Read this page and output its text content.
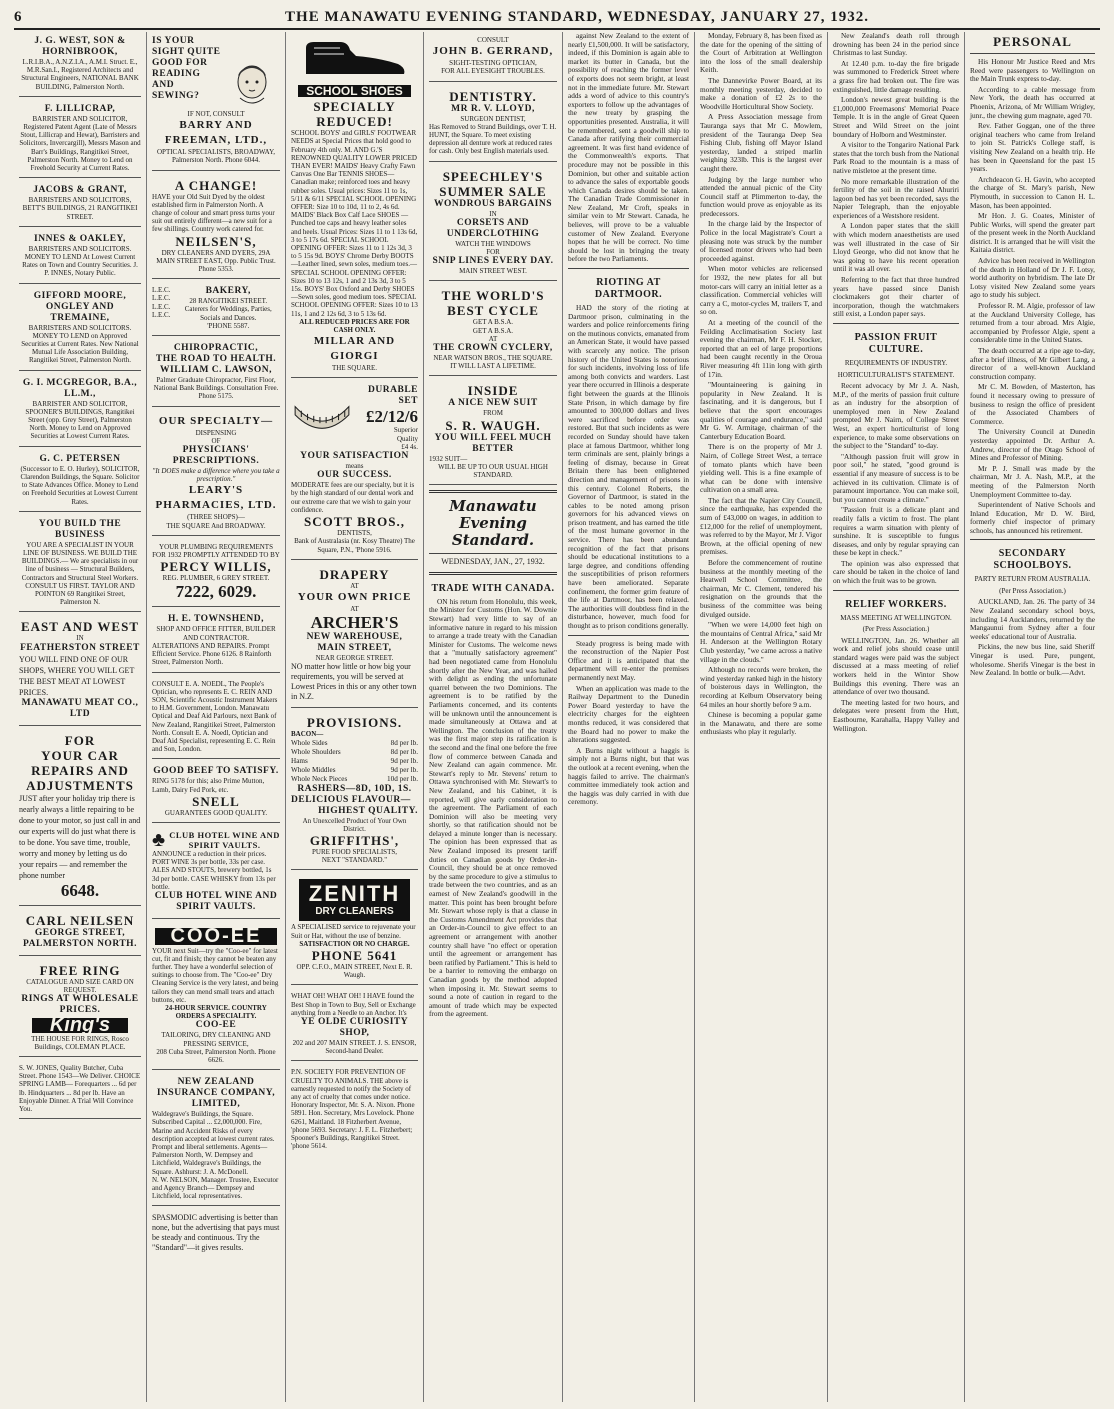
6	THE MANAWATU EVENING STANDARD, WEDNESDAY, JANUARY 27, 1932.
J. G. WEST, SON & HORNIBROOK,
L.R.I.B.A., A.N.Z.I.A., A.M.I. Struct. E., M.R.San.I., Registered Architects and Structural Engineers, NATIONAL BANK BUILDING, Palmerston North.
F. LILLICRAP,
BARRISTER AND SOLICITOR, Registered Patent Agent (Late of Messrs Stout, Lillicrap and Hewat), Barristers and Solicitors, Invercargill), Messrs Mason and Barr's Buildings, Rangitikei Street, Palmerston North. Money to Lend on Freehold Security at Current Rates.
JACOBS & GRANT,
BARRISTERS AND SOLICITORS, BETT'S BUILDINGS, 21 RANGITIKEI STREET.
INNES & OAKLEY,
BARRISTERS AND SOLICITORS. MONEY TO LEND At Lowest Current Rates on Town and Country Securities. J. P. INNES, Notary Public.
GIFFORD MOORE, ONGLEY AND TREMAINE,
BARRISTERS AND SOLICITORS. MONEY TO LEND on Approved Securities at Current Rates. New National Mutual Life Association Building, Rangitikei Street, Palmerston North.
G. I. MCGREGOR, B.A., LL.M.,
BARRISTER AND SOLICITOR, SPOONER'S BUILDINGS, Rangitikei Street (opp. Grey Street), Palmerston North. Money to Lend on Approved Securities at Lowest Current Rates.
G. C. PETERSEN
(Successor to E. O. Hurley), SOLICITOR, Clarendon Buildings, the Square. Solicitor to State Advances Office. Money to Lend on Freehold Securities at Lowest Current Rates.
YOU BUILD THE BUSINESS
YOU ARE A SPECIALIST IN YOUR LINE OF BUSINESS. WE BUILD THE BUILDINGS.— We are specialists in our line of business — Structural Builders, Contractors and Structural Steel Workers. CONSULT US FIRST. TAYLOR AND POINTON 69 Rangitikei Street, Palmerston N.
EAST AND WEST
IN
FEATHERSTON STREET
YOU WILL FIND ONE OF OUR SHOPS, WHERE YOU WILL GET THE BEST MEAT AT LOWEST PRICES.
MANAWATU MEAT CO., LTD
FOR
YOUR CAR REPAIRS AND ADJUSTMENTS
JUST after your holiday trip there is nearly always a little repairing to be done to your motor, so just call in and our experts will do just what there is to be done. You save time, trouble, worry and money by letting us do your repairs — and remember the phone number
6648.
CARL NEILSEN
GEORGE STREET,
PALMERSTON NORTH.
FREE RING
CATALOGUE AND SIZE CARD ON REQUEST.
RINGS AT WHOLESALE PRICES.
King's
THE HOUSE FOR RINGS, Rosco Buildings, COLEMAN PLACE.
S. W. JONES, Quality Butcher, Cuba Street. Phone 1543—We Deliver. CHOICE SPRING LAMB— Forequarters ... 6d per lb. Hindquarters ... 8d per lb. Have an Enjoyable Dinner. A Trial Will Convince You.
IS YOUR SIGHT QUITE GOOD FOR READING AND SEWING?
IF NOT, CONSULT
BARRY AND FREEMAN, LTD.,
OPTICAL SPECIALISTS, BROADWAY, Palmerston North. Phone 6044.
A CHANGE!
HAVE your Old Suit Dyed by the oldest established firm in Palmerston North. A change of colour and smart press turns your suit out entirely different—a new suit for a few shillings. Country work catered for.
NEILSEN'S,
DRY CLEANERS AND DYERS, 29A MAIN STREET EAST, Opp. Public Trust. Phone 5353.
L.E.C.
L.E.C.
L.E.C.
L.E.C.
BAKERY,
28 RANGITIKEI STREET.
Caterers for Weddings, Parties, Socials and Dances.
'PHONE 5587.
CHIROPRACTIC,
THE ROAD TO HEALTH.
WILLIAM C. LAWSON,
Palmer Graduate Chiropractor, First Floor, National Bank Buildings. Consultation Free. Phone 5175.
OUR SPECIALTY—
DISPENSING
OF
PHYSICIANS' PRESCRIPTIONS.
"It DOES make a difference where you take a prescription."
LEARY'S PHARMACIES, LTD.
(THREE SHOPS)—
THE SQUARE And BROADWAY.
YOUR PLUMBING REQUIREMENTS FOR 1932 PROMPTLY ATTENDED TO BY
PERCY WILLIS,
REG. PLUMBER, 6 GREY STREET.
7222, 6029.
H. E. TOWNSHEND,
SHOP AND OFFICE FITTER, BUILDER AND CONTRACTOR.
ALTERATIONS AND REPAIRS. Prompt Efficient Service. Phone 6126. 8 Rainforth Street, Palmerston North.
CONSULT E. A. NOEDL, The People's Optician, who represents E. C. REIN AND SON, Scientific Acoustic Instrument Makers to H.M. Government, London. Manawatu Optical and Deaf Aid Parlours, next Bank of New Zealand, Rangitikei Street, Palmerston North. Consult E. A. Noedl, Optician and Deaf Aid Specialist, representing E. C. Rein and Son, London.
GOOD BEEF TO SATISFY.
RING 5178 for this; also Prime Mutton, Lamb, Dairy Fed Pork, etc.
SNELL
GUARANTEES GOOD QUALITY.
♣ CLUB HOTEL WINE AND SPIRIT VAULTS.
ANNOUNCE a reduction in their prices. PORT WINE 3s per bottle, 33s per case. ALES AND STOUTS, brewery bottled, 1s 3d per bottle. CASE WHISKY from 13s per bottle.
CLUB HOTEL WINE AND SPIRIT VAULTS.
COO-EE
YOUR next Suit—try the "Coo-ee" for latest cut, fit and finish; they cannot be beaten any further. They have a wonderful selection of suitings to choose from. The "Coo-ee" Dry Cleaning Service is the very latest, and being tailors they can mend small tears and attach buttons, etc.
24-HOUR SERVICE. COUNTRY ORDERS A SPECIALITY.
COO-EE
TAILORING, DRY CLEANING AND PRESSING SERVICE,
208 Cuba Street, Palmerston North. Phone 6626.
NEW ZEALAND INSURANCE COMPANY, LIMITED,
Waldegrave's Buildings, the Square. Subscribed Capital ... £2,000,000. Fire, Marine and Accident Risks of every description accepted at lowest current rates. Prompt and liberal settlements. Agents—Palmerston North, W. Dempsey and Litchfield, Waldegrave's Buildings, the Square. Ashhurst: J. A. McDonell.
N. W. NELSON, Manager. Trustee, Executor and Agency Branch— Dempsey and Litchfield, local representatives.
SPASMODIC advertising is better than none, but the advertising that pays must be steady and continuous. Try the "Standard"—it gives results.
SCHOOL SHOES
SPECIALLY REDUCED!
SCHOOL BOYS' and GIRLS' FOOTWEAR NEEDS at Special Prices that hold good to February 4th only. M. AND G.'S RENOWNED QUALITY LOWER PRICED THAN EVER! MAIDS' Heavy Crafty Fawn Canvas One Bar TENNIS SHOES—Canadian make; reinforced toes and heavy rubber soles. Usual prices: Sizes 11 to 1s, 5/11 & 6/11 SPECIAL SCHOOL OPENING OFFER: Size 10 to 10d, 11 to 2, 4s 6d. MAIDS' Black Box Calf Lace SHOES —Punched toe caps and heavy leather soles and heels. Usual Prices: Sizes 11 to 1 13s 6d, 3 to 5 17s 6d. SPECIAL SCHOOL OPENING OFFER: Sizes 11 to 1 12s 3d, 3 to 5 15s 9d. BOYS' Chrome Derby BOOTS—Leather lined, sewn soles, medium toes.— SPECIAL SCHOOL OPENING OFFER: Sizes 10 to 13 12s, 1 and 2 13s 3d, 3 to 5 15s. BOYS' Box Oxford and Derby SHOES —Sewn soles, good medium toes. SPECIAL SCHOOL OPENING OFFER: Sizes 10 to 13 11s, 1 and 2 12s 6d, 3 to 5 13s 6d.
ALL REDUCED PRICES ARE FOR CASH ONLY.
MILLAR AND GIORGI
THE SQUARE.
DURABLE SET
£2/12/6
Superior
Quality
£4 4s.
YOUR SATISFACTION
means
OUR SUCCESS.
MODERATE fees are our specialty, but it is by the high standard of our dental work and our extreme care that we wish to gain your confidence.
SCOTT BROS.,
DENTISTS,
Bank of Australasia (nr. Kosy Theatre) The Square, P.N., 'Phone 5916.
DRAPERY
AT
YOUR OWN PRICE
AT
ARCHER'S
NEW WAREHOUSE,
MAIN STREET,
NEAR GEORGE STREET.
NO matter how little or how big your requirements, you will be served at Lowest Prices in this or any other town in N.Z.
PROVISIONS.
BACON—
Whole Sides	8d per lb.
Whole Shoulders	8d per lb.
Hams	9d per lb.
Whole Middles	9d per lb.
Whole Neck Pieces	10d per lb.
RASHERS—8D, 10D, 1S.
DELICIOUS FLAVOUR—
HIGHEST QUALITY.
An Unexcelled Product of Your Own District.
GRIFFITHS',
PURE FOOD SPECIALISTS,
NEXT "STANDARD."
ZENITH
DRY CLEANERS
A SPECIALISED service to rejuvenate your Suit or Hat, without the use of benzine.
SATISFACTION OR NO CHARGE.
PHONE 5641
OPP. C.F.O., MAIN STREET, Next E. R. Waugh.
WHAT OH! WHAT OH! I HAVE found the Best Shop in Town to Buy, Sell or Exchange anything from a Needle to an Anchor. It's
YE OLDE CURIOSITY SHOP,
202 and 207 MAIN STREET. J. S. ENSOR, Second-hand Dealer.
P.N. SOCIETY FOR PREVENTION OF CRUELTY TO ANIMALS. THE above is earnestly requested to notify the Society of any act of cruelty that comes under notice. Honorary Inspector, Mr. S. A. Nixon. Phone 5891. Hon. Secretary, Mrs Lovelock. Phone 6261, Maitland. 18 Fitzherbert Avenue, 'phone 5693. Secretary: J. F. L. Fitzherbert; Spooner's Buildings, Rangitikei Street. 'phone 5614.
CONSULT
JOHN B. GERRAND,
SIGHT-TESTING OPTICIAN,
FOR ALL EYESIGHT TROUBLES.
DENTISTRY.
MR R. V. LLOYD,
SURGEON DENTIST,
Has Removed to Strand Buildings, over T. H. HUNT, the Square. To meet existing depression all denture work at reduced rates for cash. Only best English materials used.
SPEECHLEY'S
SUMMER SALE
WONDROUS BARGAINS
IN
CORSETS AND UNDERCLOTHING
WATCH THE WINDOWS
FOR
SNIP LINES EVERY DAY.
MAIN STREET WEST.
THE WORLD'S BEST CYCLE
GET A B.S.A.
GET A B.S.A.
AT
THE CROWN CYCLERY,
NEAR WATSON BROS., THE SQUARE.
IT WILL LAST A LIFETIME.
INSIDE
A NICE NEW SUIT
FROM
S. R. WAUGH.
YOU WILL FEEL MUCH BETTER
1932 SUIT—
WILL BE UP TO OUR USUAL HIGH STANDARD.
Manawatu
Evening Standard.
WEDNESDAY, JAN., 27, 1932.
TRADE WITH CANADA.

ON his return from Honolulu, this week, the Minister for Customs (Hon. W. Downie Stewart) had very little to say of an informative nature in regard to his mission to arrange a trade treaty with the Canadian Minister for Customs. The welcome news that a "mutually satisfactory agreement" had been negotiated came from Honolulu shortly after the New Year, and was hailed with delight as ending the unfortunate quarrel between the two Dominions. The agreement is to be ratified by the Parliaments concerned, and its contents will be unknown until the announcement is made simultaneously at Ottawa and at Wellington. The conclusion of the treaty was the first major step its ratification is the second and the final one before the free flow of commerce between Canada and New Zealand can again commence. Mr. Stewart's reply to Mr. Stevens' return to Ottawa synchronised with Mr. Stewart's to New Zealand, and his Cabinet, it is reported, will give early consideration to the agreement. The Parliament of each Dominion will also be meeting very shortly, so that ratification should not be delayed a minute longer than is necessary. The opinion has been expressed that as New Zealand imposed its present tariff duties on Canadian goods by Order-in-Council, they should be at once removed by the same procedure to give a stimulus to trade between the two countries, and as an earnest of New Zealand's goodwill in the matter. This point has been brought before Mr. Stewart whose reply is that a clause in the Customs Amendment Act provides that an Order-in-Council to give effect to an agreement or arrangement with another country shall have "no effect or operation until the agreement or arrangement has been ratified by Parliament." This is held to be a barrier to removing the embargo on Canadian goods by the method adopted when imposing it. Mr. Stewart seems to sound a note of caution in regard to the amount of trade which may be expected from the agreement.

against New Zealand to the extent of nearly £1,500,000. It will be satisfactory, indeed, if this Dominion is again able to market its butter in Canada, but the possibility of reaching the former level of exports does not seem bright, at least not in the immediate future. Mr. Stewart adds a word of advice to this country's exporters to follow up the advantages of the new treaty by grasping the opportunities presented. Australia, it will be remembered, sent a goodwill ship to Canada after ratifying their commercial agreement. It was first hand evidence of the Commonwealth's exports. That procedure may not be possible in this Dominion, but other and suitable action to advance the sales of exportable goods which Canada desires should be taken. The Canadian Trade Commissioner in New Zealand, Mr Croft, speaks in similar vein to Mr Stewart. Canada, he believes, will prove to be a valuable customer of New Zealand. Everyone hopes that he will be correct. No time should be lost in bringing the treaty before the two Parliaments.

RIOTING AT DARTMOOR.

HAD the story of the rioting at Dartmoor prison, culminating in the warders and police reinforcements firing on the mutinous convicts, emanated from an American State, it would have passed with scarcely any notice. The prison history of the United States is notorious for such incidents, involving loss of life among both convicts and warders. Last year there occurred in Illinois a desperate fight between the guards at the Illinois State Prison, in which damage by fire amounted to 300,000 dollars and lives were sacrificed before order was restored. But that such incidents as were recorded on Sunday should have taken place at famous Dartmoor, whither long term criminals are sent, plainly brings a feeling of dismay, because in Great Britain there has been enlightened direction and management of prisons in this century. Colonel Roberts, the Governor of Dartmoor, is stated in the cables to be noted among prison governors for his advanced views on prison treatment, and has earned the title of the most humane governor in the service. There has been abundant recognition of the fact that prisons should be educational institutions to a large degree, and conditions offending the susceptibilities of prison reformers have been ameliorated. Separate confinement, the former grim feature of the life at Dartmoor, has been relaxed. The authorities will doubtless find in the disturbance, however, much food for thought as to prison conditions generally.

Steady progress is being made with the reconstruction of the Napier Post Office and it is anticipated that the department will re-enter the premises permanently next May.

When an application was made to the Railway Department to the Dunedin Power Board yesterday to have the electricity charges for the eighteen months reduced, it was considered that the Board had no power to make the alterations suggested.

A Burns night without a haggis is simply not a Burns night, but that was the outlook at a recent evening, when the haggis failed to arrive. The chairman's committee immediately took action and the haggis was duly carried in with due ceremony.

Monday, February 8, has been fixed as the date for the opening of the sitting of the Court of Arbitration at Wellington into the loss of the small dealership Keith.

The Dannevirke Power Board, at its monthly meeting yesterday, decided to make a donation of £2 2s to the Woodville Horticultural Show Society.

A Press Association message from Tauranga says that Mr C. Mowlem, president of the Tauranga Deep Sea Fishing Club, fishing off Mayor Island yesterday, landed a striped marlin weighing 323lb. This is the largest ever caught there.

Judging by the large number who attended the annual picnic of the City Council staff at Plimmerton to-day, the function would prove as enjoyable as its predecessors.

In the charge laid by the Inspector of Police in the local Magistrate's Court a pleasing note was struck by the number of licensed motor drivers who had been proceeded against.

When motor vehicles are relicensed for 1932, the new plates for all but motor-cars will carry an initial letter as a classification. Commercial vehicles will carry a C, motor-cycles M, trailers T, and so on.

At a meeting of the council of the Feilding Acclimatisation Society last evening the chairman, Mr F. H. Stocker, reported that an eel of large proportions had been caught recently in the Oroua River measuring 4ft 11in long with girth of 17in.

"Mountaineering is gaining in popularity in New Zealand. It is fascinating, and it is dangerous, but I believe that the sport encourages qualities of courage and endurance," said Mr G. W. Armitage, chairman of the Canterbury Education Board.

There is on the property of Mr J. Nairn, of College Street West, a terrace of tomato plants which have been yielding well. This is a fine example of what can be done with intensive cultivation on a small area.

The fact that the Napier City Council, since the earthquake, has expended the sum of £43,000 on wages, in addition to £12,000 for the relief of unemployment, was referred to by the Mayor, Mr J. Vigor Brown, at the official opening of new premises.

Before the commencement of routine business at the monthly meeting of the Heatwell School Committee, the chairman, Mr C. Clement, tendered his resignation on the grounds that the business of the committee was being divulged outside.

"When we were 14,000 feet high on the mountains of Central Africa," said Mr H. Anderson at the Wellington Rotary Club yesterday, "we came across a native village in the clouds."

Although no records were broken, the wind yesterday ranked high in the history of boisterous days in Wellington, the recording at Kelburn Observatory being 64 miles an hour shortly before 9 a.m.

Chinese is becoming a popular game in the Manawatu, and there are some enthusiasts who play it regularly.

New Zealand's death roll through drowning has been 24 in the period since Christmas to last Sunday.

At 12.40 p.m. to-day the fire brigade was summoned to Frederick Street where a grass fire had broken out. The fire was extinguished, little damage resulting.

London's newest great building is the £1,000,000 Freemasons' Memorial Peace Temple. It is in the angle of Great Queen Street and Wild Street on the joint boundary of Holborn and Westminster.

A visitor to the Tongariro National Park states that the torch bush from the National Park Road to the mountain is a mass of native mistletoe at the present time.

No more remarkable illustration of the fertility of the soil in the raised Ahuriri lagoon bed has yet been recorded, says the Napier Telegraph, than the enjoyable experiences of a Westshore resident.

A London paper states that the skill with which modern anaesthetists are used was well illustrated in the case of Sir Lloyd George, who did not know that he was going to have his recent operation until it was all over.

Referring to the fact that three hundred years have passed since Danish clockmakers got their charter of incorporation, though the watchmakers still exist, a London paper says.

PASSION FRUIT CULTURE.
REQUIREMENTS OF INDUSTRY.
HORTICULTURALIST'S STATEMENT.

Recent advocacy by Mr J. A. Nash, M.P., of the merits of passion fruit culture as an industry for the absorption of unemployed men in New Zealand prompted Mr J. Nairn, of College Street West, an expert horticulturist of long experience, to make some observations on the subject to the "Standard" to-day.

"Although passion fruit will grow in poor soil," he stated, "good ground is essential if any measure of success is to be achieved in its cultivation. Climate is of paramount importance. You can make soil, but you cannot create a climate."

"Passion fruit is a delicate plant and readily falls a victim to frost. The plant requires a warm situation with plenty of sunshine. It is susceptible to fungus diseases, and only by regular spraying can these be kept in check."

The opinion was also expressed that care should be taken in the choice of land on which the fruit was to be grown.

RELIEF WORKERS.
MASS MEETING AT WELLINGTON.
(Per Press Association.)

WELLINGTON, Jan. 26. Whether all work and relief jobs should cease until standard wages were paid was the subject discussed at a mass meeting of relief workers held in the Wintor Show Buildings this evening. There was an attendance of over two thousand.

The meeting lasted for two hours, and delegates were present from the Hutt, Eastbourne, Karahalla, Happy Valley and Wellington.

PERSONAL

His Honour Mr Justice Reed and Mrs Reed were passengers to Wellington on the Main Trunk express to-day.

According to a cable message from New York, the death has occurred at Phoenix, Arizona, of Mr William Wrigley, junr., the chewing gum magnate, aged 70.

Rev. Father Goggan, one of the three original teachers who came from Ireland to join St. Patrick's College staff, is visiting New Zealand on a health trip. He has been in Queensland for the past 15 years.

Archdeacon G. H. Gavin, who accepted the charge of St. Mary's parish, New Plymouth, in succession to Canon H. L. Mason, has been appointed.

Mr Hon. J. G. Coates, Minister of Public Works, will spend the greater part of the present week in the North Auckland district. It is arranged that he will visit the Kaitaia district.

Advice has been received in Wellington of the death in Holland of Dr J. F. Lotsy, world authority on hybridism. The late Dr Lotsy visited New Zealand some years ago to study his subject.

Professor R. M. Algie, professor of law at the Auckland University College, has returned from a tour abroad. Mrs Algie, accompanied by Professor Algie, spent a considerable time in the United States.

The death occurred at a ripe age to-day, after a brief illness, of Mr Gilbert Lang, a director of a well-known Auckland construction company.

Mr C. M. Bowden, of Masterton, has found it necessary owing to pressure of business to resign the office of president of the Associated Chambers of Commerce.

The University Council at Dunedin yesterday appointed Dr. Arthur A. Andrew, director of the Otago School of Mines and Professor of Mining.

Mr P. J. Small was made by the chairman, Mr J. A. Nash, M.P., at the meeting of the Palmerston North Unemployment Committee to-day.

Superintendent of Native Schools and Inland Education, Mr D. W. Bird, formerly chief inspector of primary schools, has announced his retirement.

SECONDARY SCHOOLBOYS.
PARTY RETURN FROM AUSTRALIA.
(Per Press Association.)

AUCKLAND, Jan. 26. The party of 34 New Zealand secondary school boys, including 14 Aucklanders, returned by the Mangaunui from Sydney after a four weeks' educational tour of Australia.

Pickins, the new bus line, said Sheriff Vinegar is used. Pure, pungent, wholesome. Sherifs Vinegar is the best in New Zealand. In bottle or bulk.—Advt.
